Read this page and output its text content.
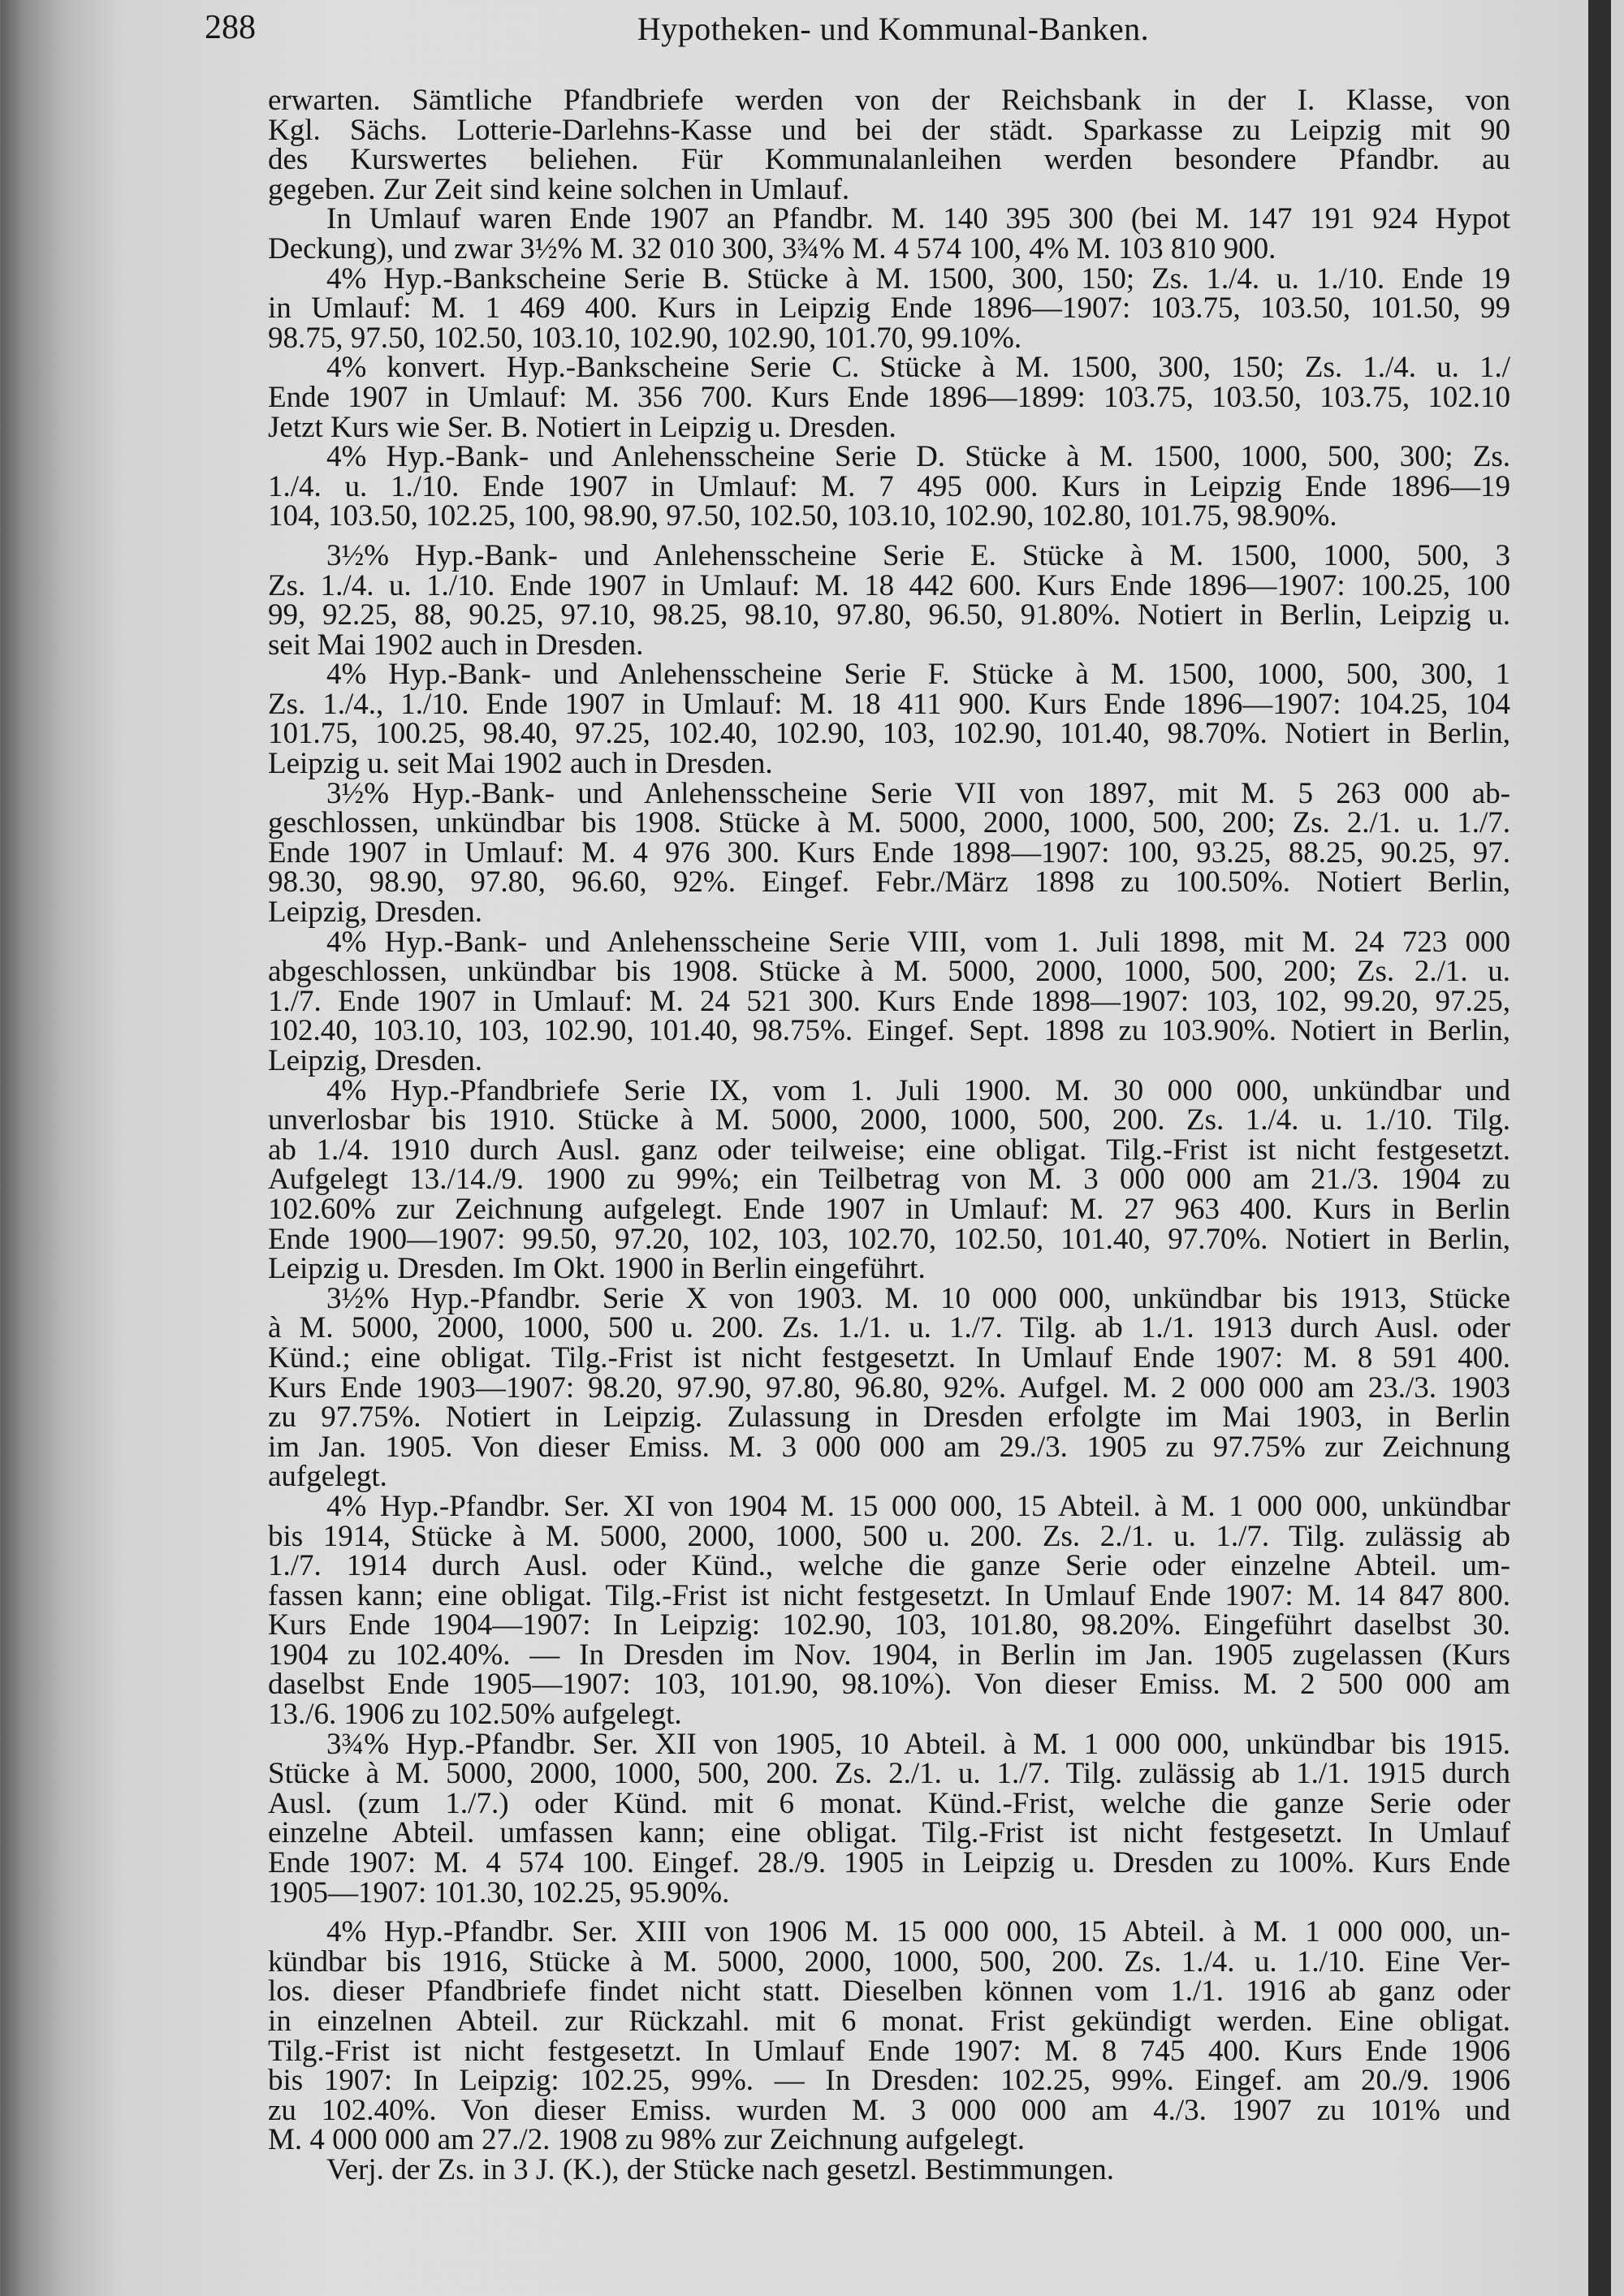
288	Hypotheken- und Kommunal-Banken.
erwarten. Sämtliche Pfandbriefe werden von der Reichsbank in der I. Klasse, von
Kgl. Sächs. Lotterie-Darlehns-Kasse und bei der städt. Sparkasse zu Leipzig mit 90
des Kurswertes beliehen. Für Kommunalanleihen werden besondere Pfandbr. au
gegeben. Zur Zeit sind keine solchen in Umlauf.
In Umlauf waren Ende 1907 an Pfandbr. M. 140 395 300 (bei M. 147 191 924 Hypot
Deckung), und zwar 3½% M. 32 010 300, 3¾% M. 4 574 100, 4% M. 103 810 900.
4% Hyp.-Bankscheine Serie B. Stücke à M. 1500, 300, 150; Zs. 1./4. u. 1./10. Ende 19
in Umlauf: M. 1 469 400. Kurs in Leipzig Ende 1896—1907: 103.75, 103.50, 101.50, 99
98.75, 97.50, 102.50, 103.10, 102.90, 102.90, 101.70, 99.10%.
4% konvert. Hyp.-Bankscheine Serie C. Stücke à M. 1500, 300, 150; Zs. 1./4. u. 1./
Ende 1907 in Umlauf: M. 356 700. Kurs Ende 1896—1899: 103.75, 103.50, 103.75, 102.10
Jetzt Kurs wie Ser. B. Notiert in Leipzig u. Dresden.
4% Hyp.-Bank- und Anlehensscheine Serie D. Stücke à M. 1500, 1000, 500, 300; Zs.
1./4. u. 1./10. Ende 1907 in Umlauf: M. 7 495 000. Kurs in Leipzig Ende 1896—19
104, 103.50, 102.25, 100, 98.90, 97.50, 102.50, 103.10, 102.90, 102.80, 101.75, 98.90%.
3½% Hyp.-Bank- und Anlehensscheine Serie E. Stücke à M. 1500, 1000, 500, 3
Zs. 1./4. u. 1./10. Ende 1907 in Umlauf: M. 18 442 600. Kurs Ende 1896—1907: 100.25, 100
99, 92.25, 88, 90.25, 97.10, 98.25, 98.10, 97.80, 96.50, 91.80%. Notiert in Berlin, Leipzig u.
seit Mai 1902 auch in Dresden.
4% Hyp.-Bank- und Anlehensscheine Serie F. Stücke à M. 1500, 1000, 500, 300, 1
Zs. 1./4., 1./10. Ende 1907 in Umlauf: M. 18 411 900. Kurs Ende 1896—1907: 104.25, 104
101.75, 100.25, 98.40, 97.25, 102.40, 102.90, 103, 102.90, 101.40, 98.70%. Notiert in Berlin,
Leipzig u. seit Mai 1902 auch in Dresden.
3½% Hyp.-Bank- und Anlehensscheine Serie VII von 1897, mit M. 5 263 000 ab-
geschlossen, unkündbar bis 1908. Stücke à M. 5000, 2000, 1000, 500, 200; Zs. 2./1. u. 1./7.
Ende 1907 in Umlauf: M. 4 976 300. Kurs Ende 1898—1907: 100, 93.25, 88.25, 90.25, 97.
98.30, 98.90, 97.80, 96.60, 92%. Eingef. Febr./März 1898 zu 100.50%. Notiert Berlin,
Leipzig, Dresden.
4% Hyp.-Bank- und Anlehensscheine Serie VIII, vom 1. Juli 1898, mit M. 24 723 000
abgeschlossen, unkündbar bis 1908. Stücke à M. 5000, 2000, 1000, 500, 200; Zs. 2./1. u.
1./7. Ende 1907 in Umlauf: M. 24 521 300. Kurs Ende 1898—1907: 103, 102, 99.20, 97.25,
102.40, 103.10, 103, 102.90, 101.40, 98.75%. Eingef. Sept. 1898 zu 103.90%. Notiert in Berlin,
Leipzig, Dresden.
4% Hyp.-Pfandbriefe Serie IX, vom 1. Juli 1900. M. 30 000 000, unkündbar und
unverlosbar bis 1910. Stücke à M. 5000, 2000, 1000, 500, 200. Zs. 1./4. u. 1./10. Tilg.
ab 1./4. 1910 durch Ausl. ganz oder teilweise; eine obligat. Tilg.-Frist ist nicht festgesetzt.
Aufgelegt 13./14./9. 1900 zu 99%; ein Teilbetrag von M. 3 000 000 am 21./3. 1904 zu
102.60% zur Zeichnung aufgelegt. Ende 1907 in Umlauf: M. 27 963 400. Kurs in Berlin
Ende 1900—1907: 99.50, 97.20, 102, 103, 102.70, 102.50, 101.40, 97.70%. Notiert in Berlin,
Leipzig u. Dresden. Im Okt. 1900 in Berlin eingeführt.
3½% Hyp.-Pfandbr. Serie X von 1903. M. 10 000 000, unkündbar bis 1913, Stücke
à M. 5000, 2000, 1000, 500 u. 200. Zs. 1./1. u. 1./7. Tilg. ab 1./1. 1913 durch Ausl. oder
Künd.; eine obligat. Tilg.-Frist ist nicht festgesetzt. In Umlauf Ende 1907: M. 8 591 400.
Kurs Ende 1903—1907: 98.20, 97.90, 97.80, 96.80, 92%. Aufgel. M. 2 000 000 am 23./3. 1903
zu 97.75%. Notiert in Leipzig. Zulassung in Dresden erfolgte im Mai 1903, in Berlin
im Jan. 1905. Von dieser Emiss. M. 3 000 000 am 29./3. 1905 zu 97.75% zur Zeichnung
aufgelegt.
4% Hyp.-Pfandbr. Ser. XI von 1904 M. 15 000 000, 15 Abteil. à M. 1 000 000, unkündbar
bis 1914, Stücke à M. 5000, 2000, 1000, 500 u. 200. Zs. 2./1. u. 1./7. Tilg. zulässig ab
1./7. 1914 durch Ausl. oder Künd., welche die ganze Serie oder einzelne Abteil. um-
fassen kann; eine obligat. Tilg.-Frist ist nicht festgesetzt. In Umlauf Ende 1907: M. 14 847 800.
Kurs Ende 1904—1907: In Leipzig: 102.90, 103, 101.80, 98.20%. Eingeführt daselbst 30.
1904 zu 102.40%. — In Dresden im Nov. 1904, in Berlin im Jan. 1905 zugelassen (Kurs
daselbst Ende 1905—1907: 103, 101.90, 98.10%). Von dieser Emiss. M. 2 500 000 am
13./6. 1906 zu 102.50% aufgelegt.
3¾% Hyp.-Pfandbr. Ser. XII von 1905, 10 Abteil. à M. 1 000 000, unkündbar bis 1915.
Stücke à M. 5000, 2000, 1000, 500, 200. Zs. 2./1. u. 1./7. Tilg. zulässig ab 1./1. 1915 durch
Ausl. (zum 1./7.) oder Künd. mit 6 monat. Künd.-Frist, welche die ganze Serie oder
einzelne Abteil. umfassen kann; eine obligat. Tilg.-Frist ist nicht festgesetzt. In Umlauf
Ende 1907: M. 4 574 100. Eingef. 28./9. 1905 in Leipzig u. Dresden zu 100%. Kurs Ende
1905—1907: 101.30, 102.25, 95.90%.
4% Hyp.-Pfandbr. Ser. XIII von 1906 M. 15 000 000, 15 Abteil. à M. 1 000 000, un-
kündbar bis 1916, Stücke à M. 5000, 2000, 1000, 500, 200. Zs. 1./4. u. 1./10. Eine Ver-
los. dieser Pfandbriefe findet nicht statt. Dieselben können vom 1./1. 1916 ab ganz oder
in einzelnen Abteil. zur Rückzahl. mit 6 monat. Frist gekündigt werden. Eine obligat.
Tilg.-Frist ist nicht festgesetzt. In Umlauf Ende 1907: M. 8 745 400. Kurs Ende 1906
bis 1907: In Leipzig: 102.25, 99%. — In Dresden: 102.25, 99%. Eingef. am 20./9. 1906
zu 102.40%. Von dieser Emiss. wurden M. 3 000 000 am 4./3. 1907 zu 101% und
M. 4 000 000 am 27./2. 1908 zu 98% zur Zeichnung aufgelegt.
Verj. der Zs. in 3 J. (K.), der Stücke nach gesetzl. Bestimmungen.
